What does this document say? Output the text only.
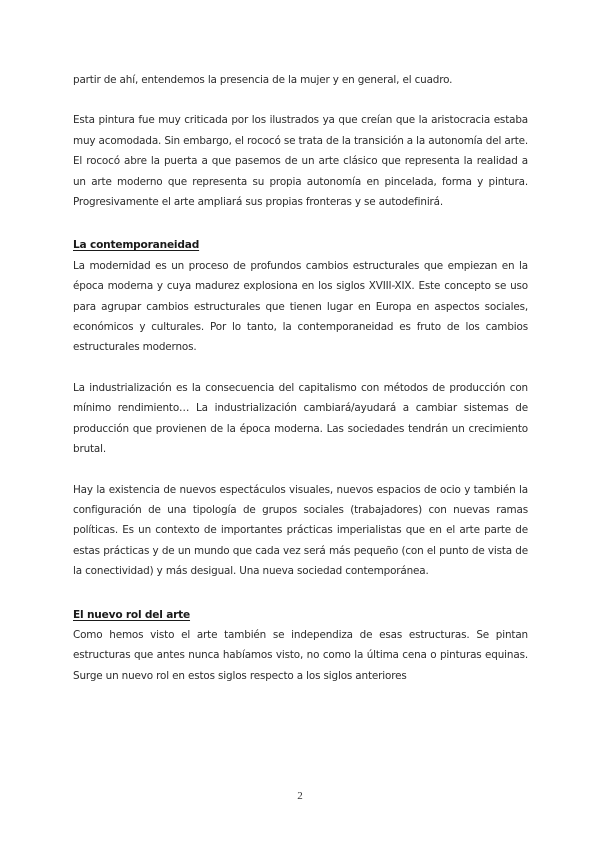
partir de ahí, entendemos la presencia de la mujer y en general, el cuadro.

Esta pintura fue muy criticada por los ilustrados ya que creían que la aristocracia estaba muy acomodada. Sin embargo, el rococó se trata de la transición a la autonomía del arte. El rococó abre la puerta a que pasemos de un arte clásico que representa la realidad a un arte moderno que representa su propia autonomía en pincelada, forma y pintura. Progresivamente el arte ampliará sus propias fronteras y se autodefinirá.

La contemporaneidad

La modernidad es un proceso de profundos cambios estructurales que empiezan en la época moderna y cuya madurez explosiona en los siglos XVIII-XIX. Este concepto se uso para agrupar cambios estructurales que tienen lugar en Europa en aspectos sociales, económicos y culturales. Por lo tanto, la contemporaneidad es fruto de los cambios estructurales modernos.

La industrialización es la consecuencia del capitalismo con métodos de producción con mínimo rendimiento… La industrialización cambiará/ayudará a cambiar sistemas de producción que provienen de la época moderna. Las sociedades tendrán un crecimiento brutal.

Hay la existencia de nuevos espectáculos visuales, nuevos espacios de ocio y también la configuración de una tipología de grupos sociales (trabajadores) con nuevas ramas políticas. Es un contexto de importantes prácticas imperialistas que en el arte parte de estas prácticas y de un mundo que cada vez será más pequeño (con el punto de vista de la conectividad) y más desigual. Una nueva sociedad contemporánea.

El nuevo rol del arte

Como hemos visto el arte también se independiza de esas estructuras. Se pintan estructuras que antes nunca habíamos visto, no como la última cena o pinturas equinas. Surge un nuevo rol en estos siglos respecto a los siglos anteriores

2
